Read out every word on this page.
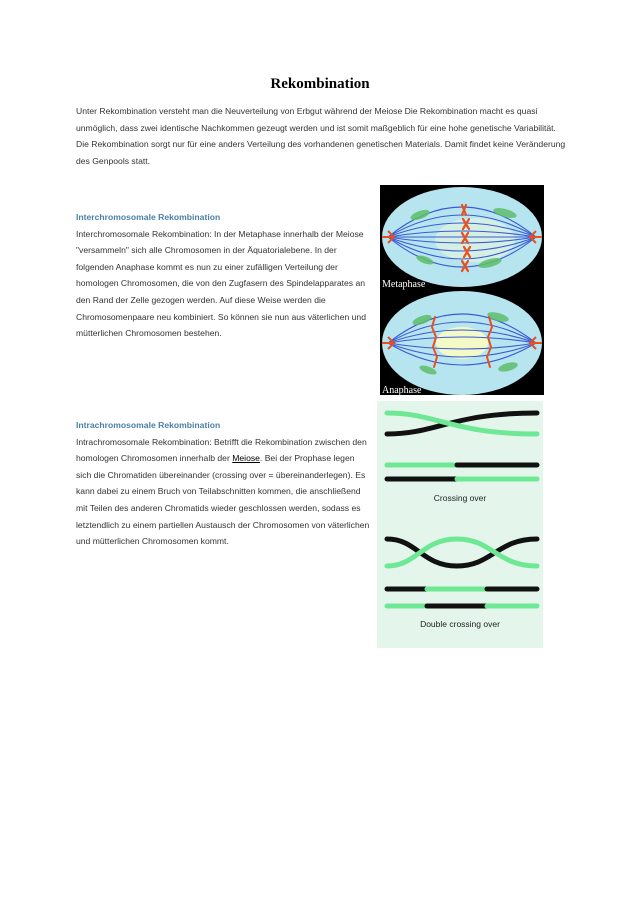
Rekombination

Unter Rekombination versteht man die Neuverteilung von Erbgut während der Meiose Die Rekombination macht es quasi unmöglich, dass zwei identische Nachkommen gezeugt werden und ist somit maßgeblich für eine hohe genetische Variabilität.

Die Rekombination sorgt nur für eine anders Verteilung des vorhandenen genetischen Materials. Damit findet keine Veränderung des Genpools statt.

Interchromosomale Rekombination

Interchromosomale Rekombination: In der Metaphase innerhalb der Meiose "versammeln" sich alle Chromosomen in der Äquatorialebene. In der folgenden Anaphase kommt es nun zu einer zufälligen Verteilung der homologen Chromosomen, die von den Zugfasern des Spindelapparates an den Rand der Zelle gezogen werden. Auf diese Weise werden die Chromosomenpaare neu kombiniert. So können sie nun aus väterlichen und mütterlichen Chromosomen bestehen.

Intrachromosomale Rekombination

Intrachromosomale Rekombination: Betrifft die Rekombination zwischen den homologen Chromosomen innerhalb der Meiose. Bei der Prophase legen sich die Chromatiden übereinander (crossing over = übereinanderlegen). Es kann dabei zu einem Bruch von Teilabschnitten kommen, die anschließend mit Teilen des anderen Chromatids wieder geschlossen werden, sodass es letztendlich zu einem partiellen Austausch der Chromosomen von väterlichen und mütterlichen Chromosomen kommt.

Metaphase
Anaphase
Crossing over
Double crossing over
